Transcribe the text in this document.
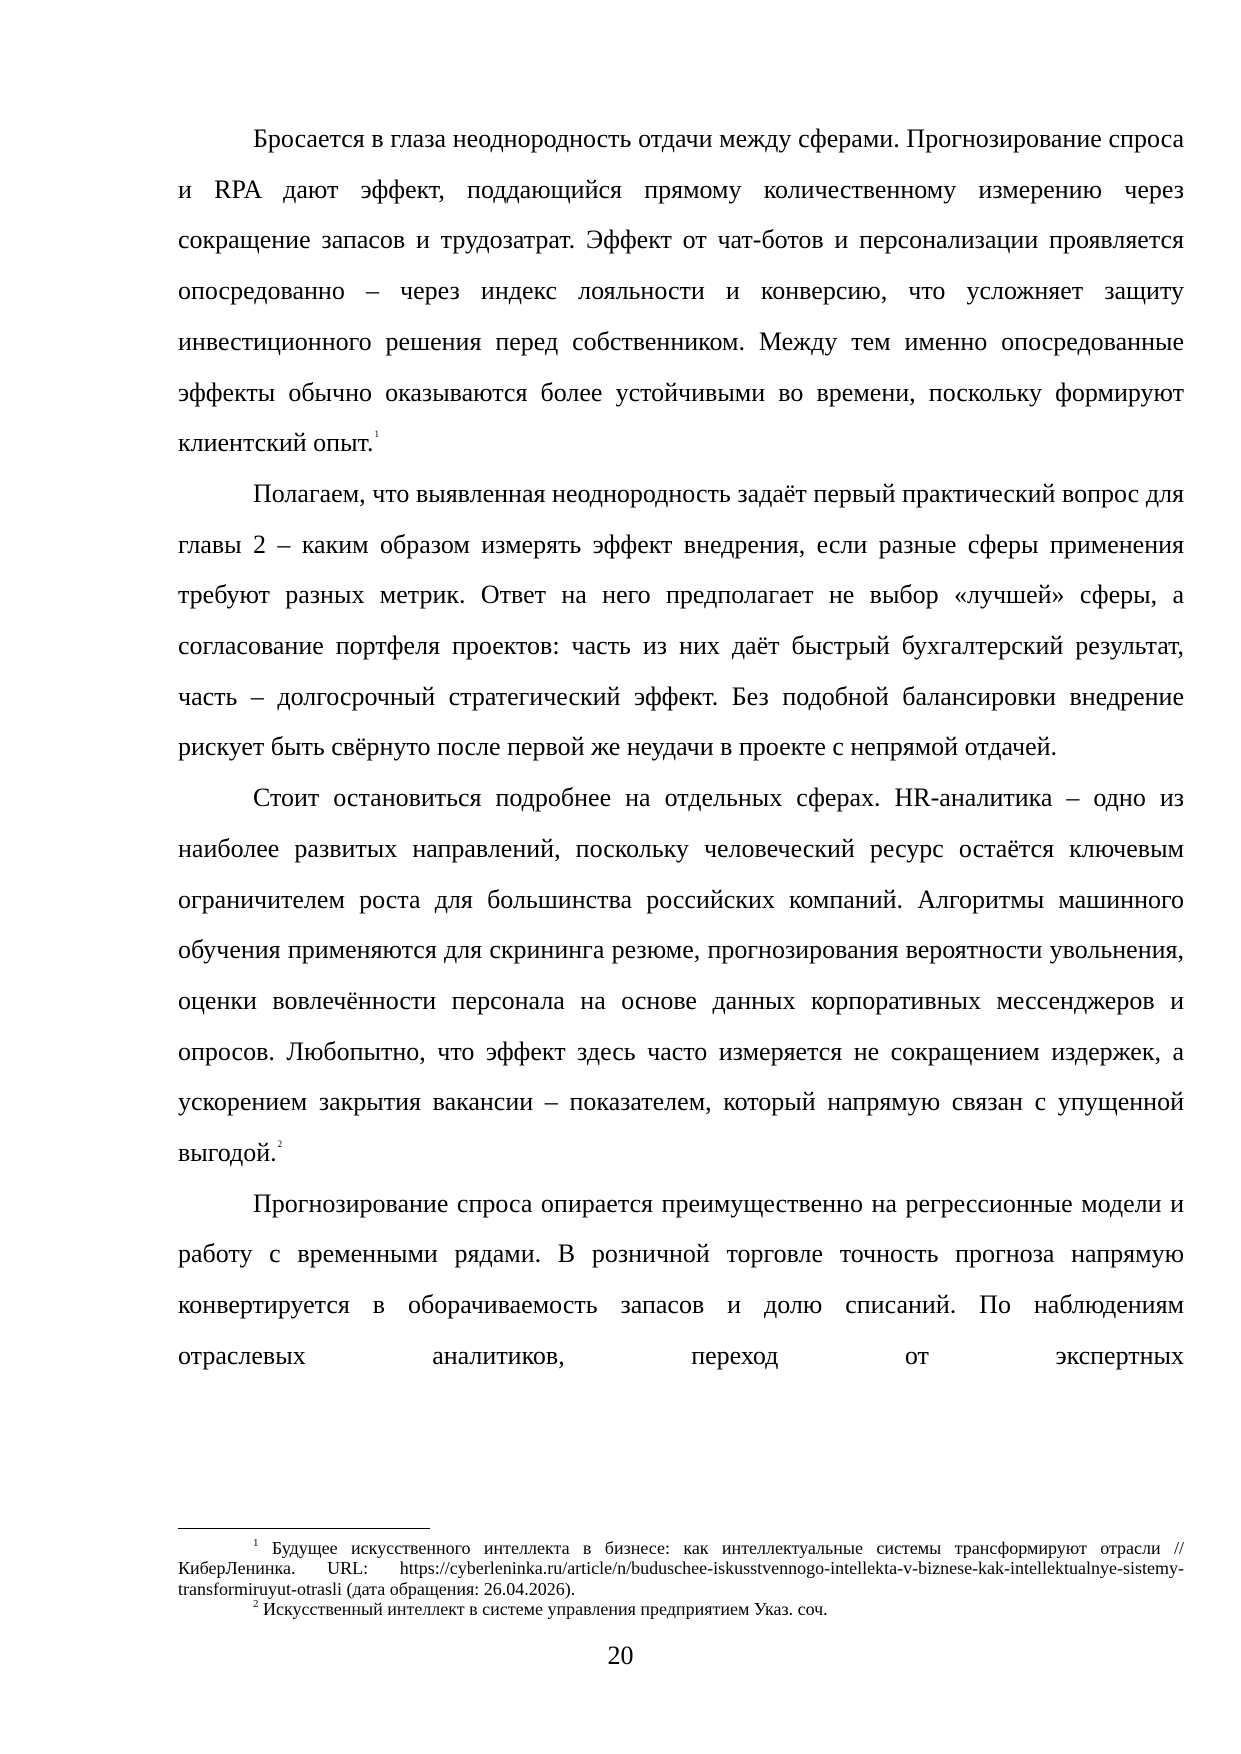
Бросается в глаза неоднородность отдачи между сферами. Прогнозирование спроса и RPA дают эффект, поддающийся прямому количественному измерению через сокращение запасов и трудозатрат. Эффект от чат-ботов и персонализации проявляется опосредованно – через индекс лояльности и конверсию, что усложняет защиту инвестиционного решения перед собственником. Между тем именно опосредованные эффекты обычно оказываются более устойчивыми во времени, поскольку формируют клиентский опыт.$^1$

Полагаем, что выявленная неоднородность задаёт первый практический вопрос для главы 2 – каким образом измерять эффект внедрения, если разные сферы применения требуют разных метрик. Ответ на него предполагает не выбор «лучшей» сферы, а согласование портфеля проектов: часть из них даёт быстрый бухгалтерский результат, часть – долгосрочный стратегический эффект. Без подобной балансировки внедрение рискует быть свёрнуто после первой же неудачи в проекте с непрямой отдачей.

Стоит остановиться подробнее на отдельных сферах. HR-аналитика – одно из наиболее развитых направлений, поскольку человеческий ресурс остаётся ключевым ограничителем роста для большинства российских компаний. Алгоритмы машинного обучения применяются для скрининга резюме, прогнозирования вероятности увольнения, оценки вовлечённости персонала на основе данных корпоративных мессенджеров и опросов. Любопытно, что эффект здесь часто измеряется не сокращением издержек, а ускорением закрытия вакансии – показателем, который напрямую связан с упущенной выгодой.$^2$

Прогнозирование спроса опирается преимущественно на регрессионные модели и работу с временными рядами. В розничной торговле точность прогноза напрямую конвертируется в оборачиваемость запасов и долю списаний. По наблюдениям отраслевых аналитиков, переход от экспертных

$^1$ Будущее искусственного интеллекта в бизнесе: как интеллектуальные системы трансформируют отрасли // КиберЛенинка. URL: https://cyberleninka.ru/article/n/buduschee-iskusstvennogo-intellekta-v-biznese-kak-intellektualnye-sistemy-transformiruyut-otrasli (дата обращения: 26.04.2026).

$^2$ Искусственный интеллект в системе управления предприятием Указ. соч.

20
